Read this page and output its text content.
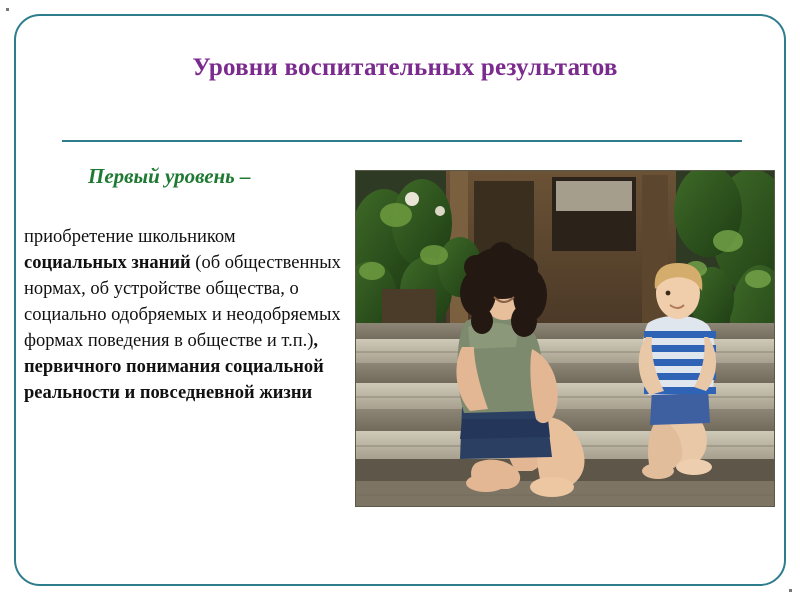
Уровни воспитательных результатов
Первый уровень –
приобретение школьником социальных знаний (об общественных нормах, об устройстве общества, о социально одобряемых и неодобряемых формах поведения в обществе и т.п.), первичного понимания социальной реальности и повседневной жизни
